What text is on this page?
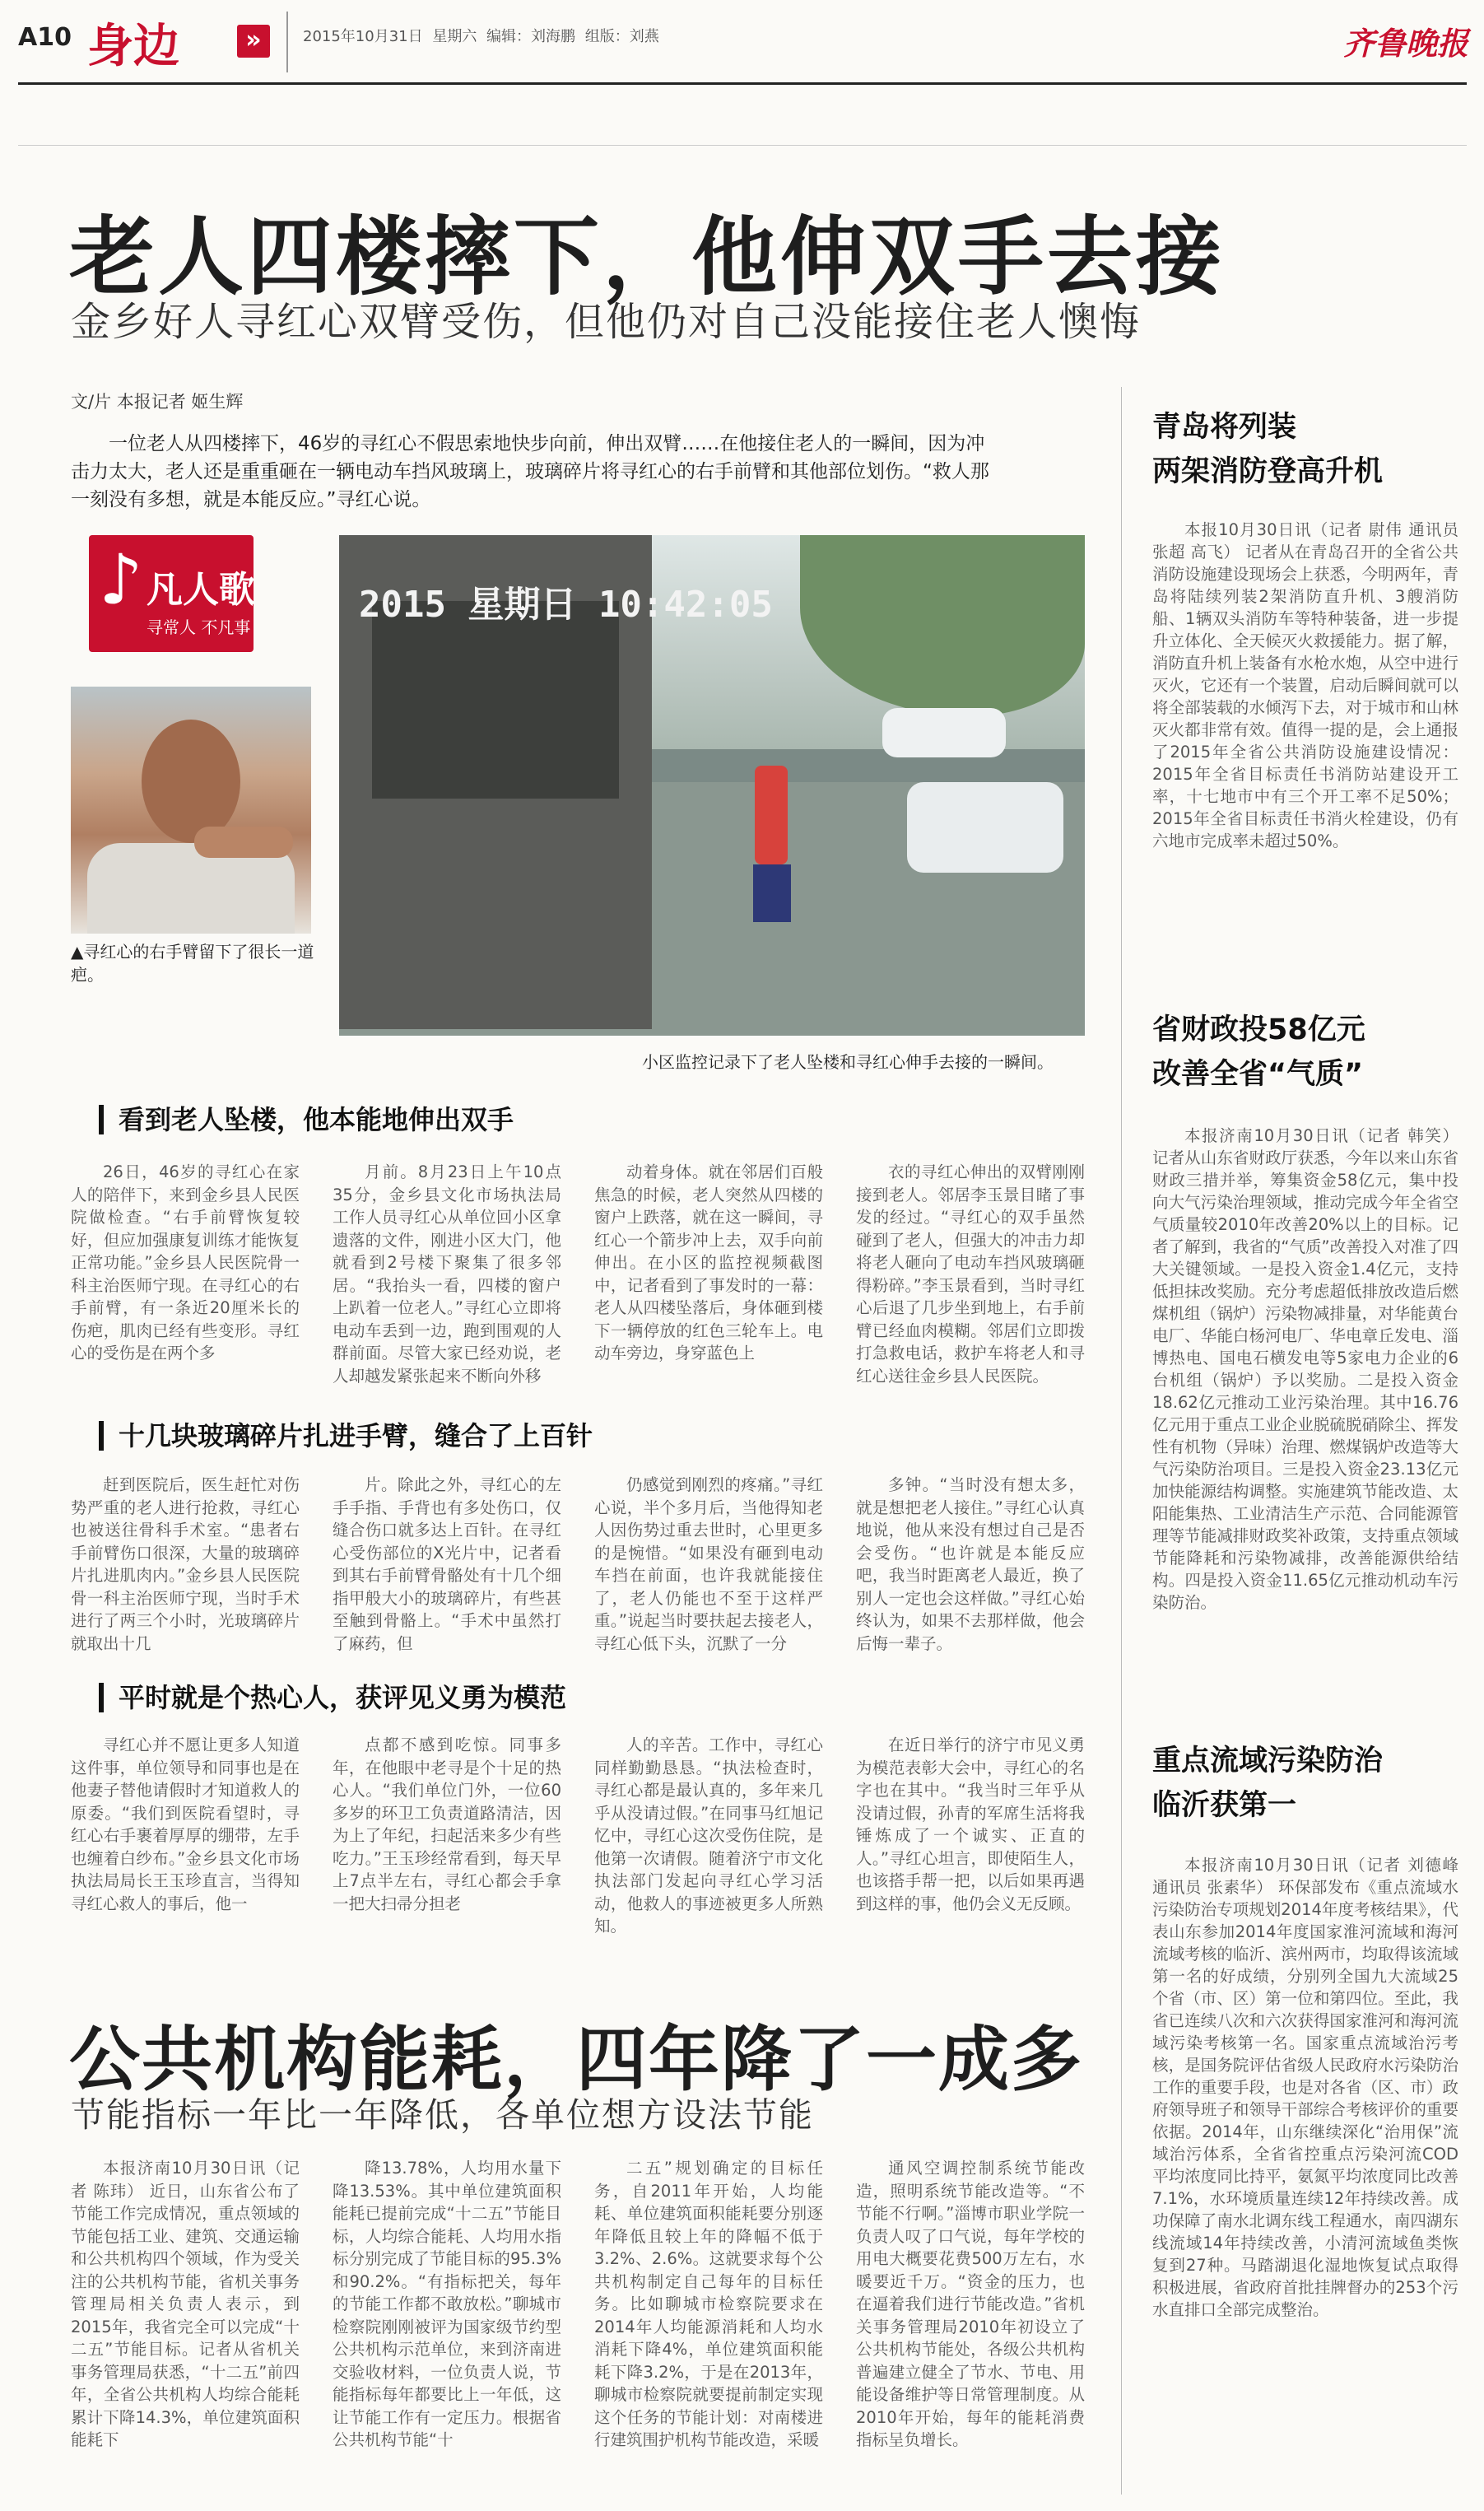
A10 身边	»	2015年10月31日 星期六 编辑：刘海鹏 组版：刘燕	齐鲁晚报
老人四楼摔下，他伸双手去接
金乡好人寻红心双臂受伤，但他仍对自己没能接住老人懊悔
文/片 本报记者 姬生辉
一位老人从四楼摔下，46岁的寻红心不假思索地快步向前，伸出双臂……在他接住老人的一瞬间，因为冲击力太大，老人还是重重砸在一辆电动车挡风玻璃上，玻璃碎片将寻红心的右手前臂和其他部位划伤。“救人那一刻没有多想，就是本能反应。”寻红心说。
♪ 凡人歌
寻常人 不凡事
▲寻红心的右手臂留下了很长一道疤。
2015 星期日 10:42:05
小区监控记录下了老人坠楼和寻红心伸手去接的一瞬间。
看到老人坠楼，他本能地伸出双手
26日，46岁的寻红心在家人的陪伴下，来到金乡县人民医院做检查。“右手前臂恢复较好，但应加强康复训练才能恢复正常功能。”金乡县人民医院骨一科主治医师宁现。在寻红心的右手前臂，有一条近20厘米长的伤疤，肌肉已经有些变形。寻红心的受伤是在两个多
月前。8月23日上午10点35分，金乡县文化市场执法局工作人员寻红心从单位回小区拿遗落的文件，刚进小区大门，他就看到2号楼下聚集了很多邻居。“我抬头一看，四楼的窗户上趴着一位老人。”寻红心立即将电动车丢到一边，跑到围观的人群前面。尽管大家已经劝说，老人却越发紧张起来不断向外移
动着身体。就在邻居们百般焦急的时候，老人突然从四楼的窗户上跌落，就在这一瞬间，寻红心一个箭步冲上去，双手向前伸出。在小区的监控视频截图中，记者看到了事发时的一幕：老人从四楼坠落后，身体砸到楼下一辆停放的红色三轮车上。电动车旁边，身穿蓝色上
衣的寻红心伸出的双臂刚刚接到老人。邻居李玉景目睹了事发的经过。“寻红心的双手虽然碰到了老人，但强大的冲击力却将老人砸向了电动车挡风玻璃砸得粉碎。”李玉景看到，当时寻红心后退了几步坐到地上，右手前臂已经血肉模糊。邻居们立即拨打急救电话，救护车将老人和寻红心送往金乡县人民医院。
十几块玻璃碎片扎进手臂，缝合了上百针
赶到医院后，医生赶忙对伤势严重的老人进行抢救，寻红心也被送往骨科手术室。“患者右手前臂伤口很深，大量的玻璃碎片扎进肌肉内。”金乡县人民医院骨一科主治医师宁现，当时手术进行了两三个小时，光玻璃碎片就取出十几
片。除此之外，寻红心的左手手指、手背也有多处伤口，仅缝合伤口就多达上百针。在寻红心受伤部位的X光片中，记者看到其右手前臂骨骼处有十几个细指甲般大小的玻璃碎片，有些甚至触到骨骼上。“手术中虽然打了麻药，但
仍感觉到刚烈的疼痛。”寻红心说，半个多月后，当他得知老人因伤势过重去世时，心里更多的是惋惜。“如果没有砸到电动车挡在前面，也许我就能接住了，老人仍能也不至于这样严重。”说起当时要扶起去接老人，寻红心低下头，沉默了一分
多钟。“当时没有想太多，就是想把老人接住。”寻红心认真地说，他从来没有想过自己是否会受伤。“也许就是本能反应吧，我当时距离老人最近，换了别人一定也会这样做。”寻红心始终认为，如果不去那样做，他会后悔一辈子。
平时就是个热心人，获评见义勇为模范
寻红心并不愿让更多人知道这件事，单位领导和同事也是在他妻子替他请假时才知道救人的原委。“我们到医院看望时，寻红心右手裹着厚厚的绷带，左手也缠着白纱布。”金乡县文化市场执法局局长王玉珍直言，当得知寻红心救人的事后，他一
点都不感到吃惊。同事多年，在他眼中老寻是个十足的热心人。“我们单位门外，一位60多岁的环卫工负责道路清洁，因为上了年纪，扫起活来多少有些吃力。”王玉珍经常看到，每天早上7点半左右，寻红心都会手拿一把大扫帚分担老
人的辛苦。工作中，寻红心同样勤勤恳恳。“执法检查时，寻红心都是最认真的，多年来几乎从没请过假。”在同事马红旭记忆中，寻红心这次受伤住院，是他第一次请假。随着济宁市文化执法部门发起向寻红心学习活动，他救人的事迹被更多人所熟知。
在近日举行的济宁市见义勇为模范表彰大会中，寻红心的名字也在其中。“我当时三年乎从没请过假，孙青的军席生活将我锤炼成了一个诚实、正直的人。”寻红心坦言，即使陌生人，也该搭手帮一把，以后如果再遇到这样的事，他仍会义无反顾。
公共机构能耗，四年降了一成多
节能指标一年比一年降低，各单位想方设法节能
本报济南10月30日讯（记者 陈玮） 近日，山东省公布了节能工作完成情况，重点领域的节能包括工业、建筑、交通运输和公共机构四个领域，作为受关注的公共机构节能，省机关事务管理局相关负责人表示，到2015年，我省完全可以完成“十二五”节能目标。记者从省机关事务管理局获悉，“十二五”前四年，全省公共机构人均综合能耗累计下降14.3%，单位建筑面积能耗下
降13.78%，人均用水量下降13.53%。其中单位建筑面积能耗已提前完成“十二五”节能目标，人均综合能耗、人均用水指标分别完成了节能目标的95.3%和90.2%。“有指标把关，每年的节能工作都不敢放松。”聊城市检察院刚刚被评为国家级节约型公共机构示范单位，来到济南进交验收材料，一位负责人说，节能指标每年都要比上一年低，这让节能工作有一定压力。根据省公共机构节能“十
二五”规划确定的目标任务，自2011年开始，人均能耗、单位建筑面积能耗要分别逐年降低且较上年的降幅不低于3.2%、2.6%。这就要求每个公共机构制定自己每年的目标任务。比如聊城市检察院要求在2014年人均能源消耗和人均水消耗下降4%，单位建筑面积能耗下降3.2%，于是在2013年，聊城市检察院就要提前制定实现这个任务的节能计划：对南楼进行建筑围护机构节能改造，采暖
通风空调控制系统节能改造，照明系统节能改造等。“不节能不行啊。”淄博市职业学院一负责人叹了口气说，每年学校的用电大概要花费500万左右，水暖要近千万。“资金的压力，也在逼着我们进行节能改造。”省机关事务管理局2010年初设立了公共机构节能处，各级公共机构普遍建立健全了节水、节电、用能设备维护等日常管理制度。从2010年开始，每年的能耗消费指标呈负增长。
青岛将列装
两架消防登高升机
本报10月30日讯（记者 尉伟 通讯员 张超 高飞） 记者从在青岛召开的全省公共消防设施建设现场会上获悉，今明两年，青岛将陆续列装2架消防直升机、3艘消防船、1辆双头消防车等特种装备，进一步提升立体化、全天候灭火救援能力。据了解，消防直升机上装备有水枪水炮，从空中进行灭火，它还有一个装置，启动后瞬间就可以将全部装载的水倾泻下去，对于城市和山林灭火都非常有效。值得一提的是，会上通报了2015年全省公共消防设施建设情况：2015年全省目标责任书消防站建设开工率，十七地市中有三个开工率不足50%；2015年全省目标责任书消火栓建设，仍有六地市完成率未超过50%。
省财政投58亿元
改善全省“气质”
本报济南10月30日讯（记者 韩笑） 记者从山东省财政厅获悉，今年以来山东省财政三措并举，筹集资金58亿元，集中投向大气污染治理领域，推动完成今年全省空气质量较2010年改善20%以上的目标。记者了解到，我省的“气质”改善投入对准了四大关键领域。一是投入资金1.4亿元，支持低担抹改奖励。充分考虑超低排放改造后燃煤机组（锅炉）污染物减排量，对华能黄台电厂、华能白杨河电厂、华电章丘发电、淄博热电、国电石横发电等5家电力企业的6台机组（锅炉）予以奖励。二是投入资金18.62亿元推动工业污染治理。其中16.76亿元用于重点工业企业脱硫脱硝除尘、挥发性有机物（异味）治理、燃煤锅炉改造等大气污染防治项目。三是投入资金23.13亿元加快能源结构调整。实施建筑节能改造、太阳能集热、工业清洁生产示范、合同能源管理等节能减排财政奖补政策，支持重点领域节能降耗和污染物减排，改善能源供给结构。四是投入资金11.65亿元推动机动车污染防治。
重点流域污染防治
临沂获第一
本报济南10月30日讯（记者 刘德峰 通讯员 张素华） 环保部发布《重点流域水污染防治专项规划2014年度考核结果》，代表山东参加2014年度国家淮河流域和海河流域考核的临沂、滨州两市，均取得该流域第一名的好成绩，分别列全国九大流域25个省（市、区）第一位和第四位。至此，我省已连续八次和六次获得国家淮河和海河流域污染考核第一名。国家重点流域治污考核，是国务院评估省级人民政府水污染防治工作的重要手段，也是对各省（区、市）政府领导班子和领导干部综合考核评价的重要依据。2014年，山东继续深化“治用保”流域治污体系，全省省控重点污染河流COD平均浓度同比持平，氨氮平均浓度同比改善7.1%，水环境质量连续12年持续改善。成功保障了南水北调东线工程通水，南四湖东线流域14年持续改善，小清河流域鱼类恢复到27种。马踏湖退化湿地恢复试点取得积极进展，省政府首批挂牌督办的253个污水直排口全部完成整治。
